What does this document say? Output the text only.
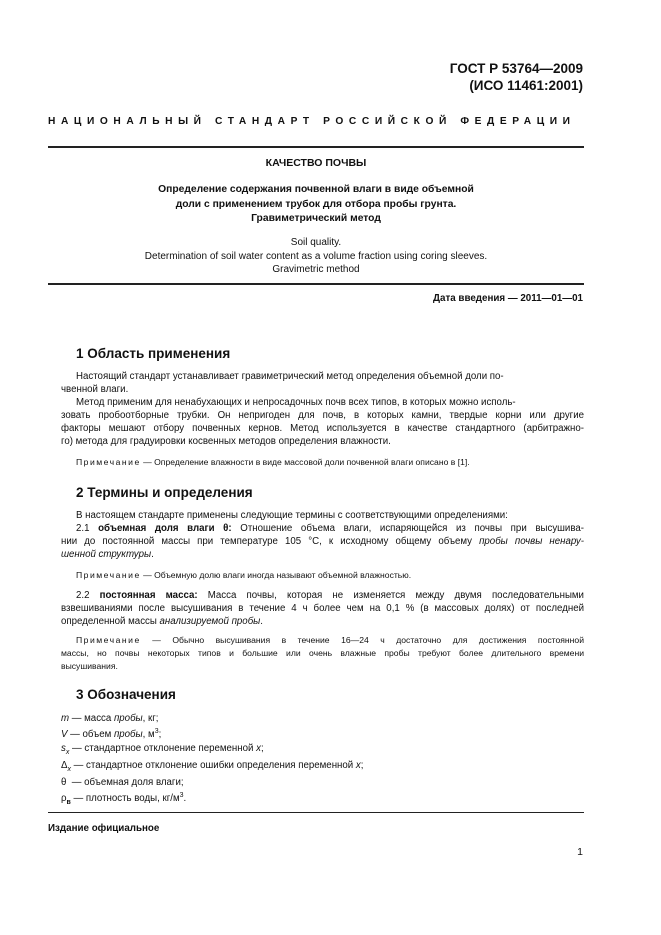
ГОСТ Р 53764—2009
(ИСО 11461:2001)
НАЦИОНАЛЬНЫЙ СТАНДАРТ РОССИЙСКОЙ ФЕДЕРАЦИИ
КАЧЕСТВО ПОЧВЫ
Определение содержания почвенной влаги в виде объемной
доли с применением трубок для отбора пробы грунта.
Гравиметрический метод
Soil quality.
Determination of soil water content as a volume fraction using coring sleeves.
Gravimetric method
Дата введения — 2011—01—01
1 Область применения
Настоящий стандарт устанавливает гравиметрический метод определения объемной доли по-
чвенной влаги.
Метод применим для ненабухающих и непросадочных почв всех типов, в которых можно исполь-
зовать пробоотборные трубки. Он непригоден для почв, в которых камни, твердые корни или другие
факторы мешают отбору почвенных кернов. Метод используется в качестве стандартного (арбитражно-
го) метода для градуировки косвенных методов определения влажности.
Примечание — Определение влажности в виде массовой доли почвенной влаги описано в [1].
2 Термины и определения
В настоящем стандарте применены следующие термины с соответствующими определениями:
2.1 объемная доля влаги θ: Отношение объема влаги, испаряющейся из почвы при высушива-
нии до постоянной массы при температуре 105 °С, к исходному общему объему пробы почвы ненару-
шенной структуры.
Примечание — Объемную долю влаги иногда называют объемной влажностью.
2.2 постоянная масса: Масса почвы, которая не изменяется между двумя последовательными
взвешиваниями после высушивания в течение 4 ч более чем на 0,1 % (в массовых долях) от последней
определенной массы анализируемой пробы.
Примечание — Обычно высушивания в течение 16—24 ч достаточно для достижения постоянной
массы, но почвы некоторых типов и большие или очень влажные пробы требуют более длительного времени
высушивания.
3 Обозначения
m — масса пробы, кг;
V — объем пробы, $м^3$;
$s_x$ — стандартное отклонение переменной x;
$\Delta_x$ — стандартное отклонение ошибки определения переменной x;
θ  — объемная доля влаги;
$\rho_в$ — плотность воды, $кг/м^3$.
Издание официальное
1
